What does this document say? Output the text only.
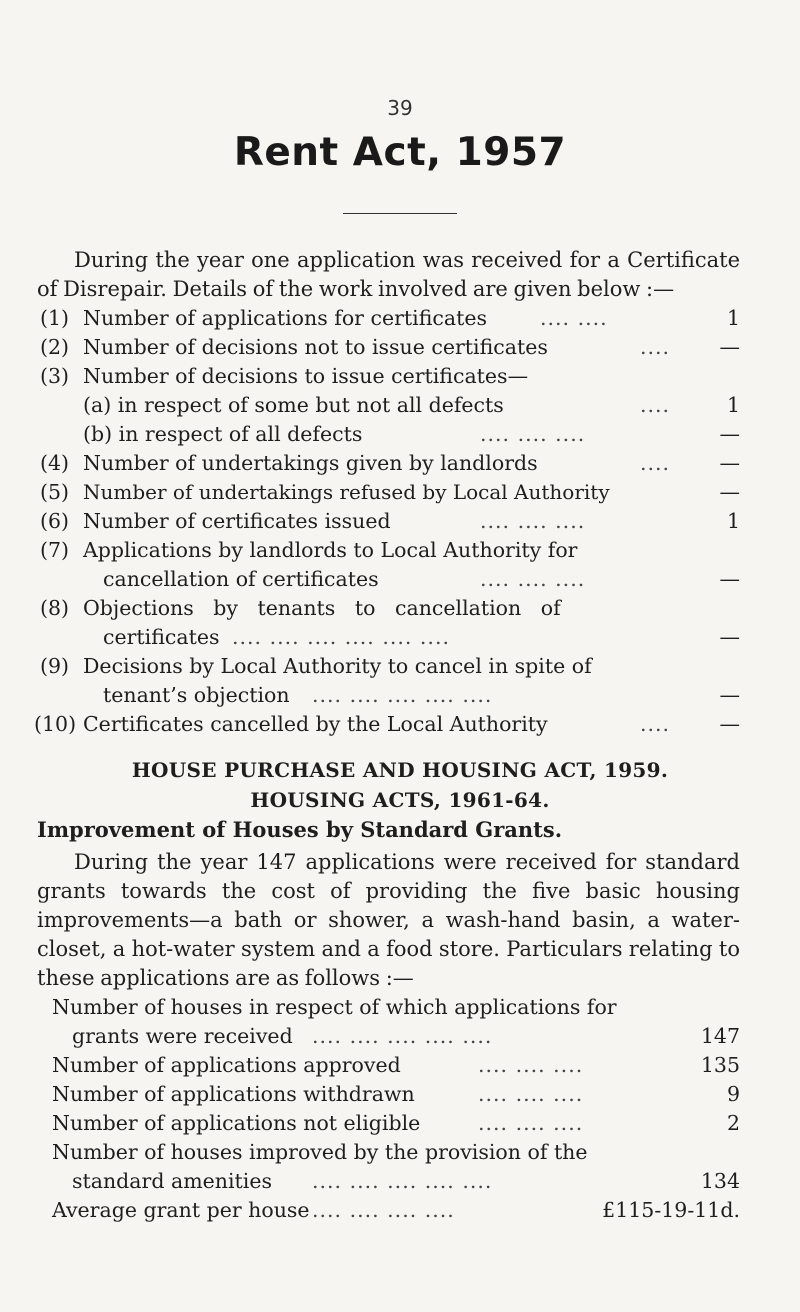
39
Rent Act, 1957
During the year one application was received for a Certificate of Disrepair. Details of the work involved are given below :—
(1) Number of applications for certificates	.... ....	1
(2) Number of decisions not to issue certificates	....	—
(3) Number of decisions to issue certificates—
(a) in respect of some but not all defects	....	1
(b) in respect of all defects	.... .... ....	—
(4) Number of undertakings given by landlords	....	—
(5) Number of undertakings refused by Local Authority	—
(6) Number of certificates issued	.... .... ....	1
(7) Applications by landlords to Local Authority for
cancellation of certificates	.... .... ....	—
(8) Objections   by   tenants   to   cancellation   of
certificates .... .... .... .... .... ....	—
(9) Decisions by Local Authority to cancel in spite of
tenant’s objection .... .... .... .... ....	—
(10) Certificates cancelled by the Local Authority	....	—
HOUSE PURCHASE AND HOUSING ACT, 1959.
HOUSING ACTS, 1961-64.
Improvement of Houses by Standard Grants.
During the year 147 applications were received for standard grants towards the cost of providing the five basic housing improvements—a bath or shower, a wash-hand basin, a water-closet, a hot-water system and a food store. Particulars relating to these applications are as follows :—
Number of houses in respect of which applications for
grants were received .... .... .... .... ....	147
Number of applications approved	.... .... ....	135
Number of applications withdrawn	.... .... ....	9
Number of applications not eligible	.... .... ....	2
Number of houses improved by the provision of the
standard amenities .... .... .... .... ....	134
Average grant per house .... .... .... ....	£115-19-11d.
